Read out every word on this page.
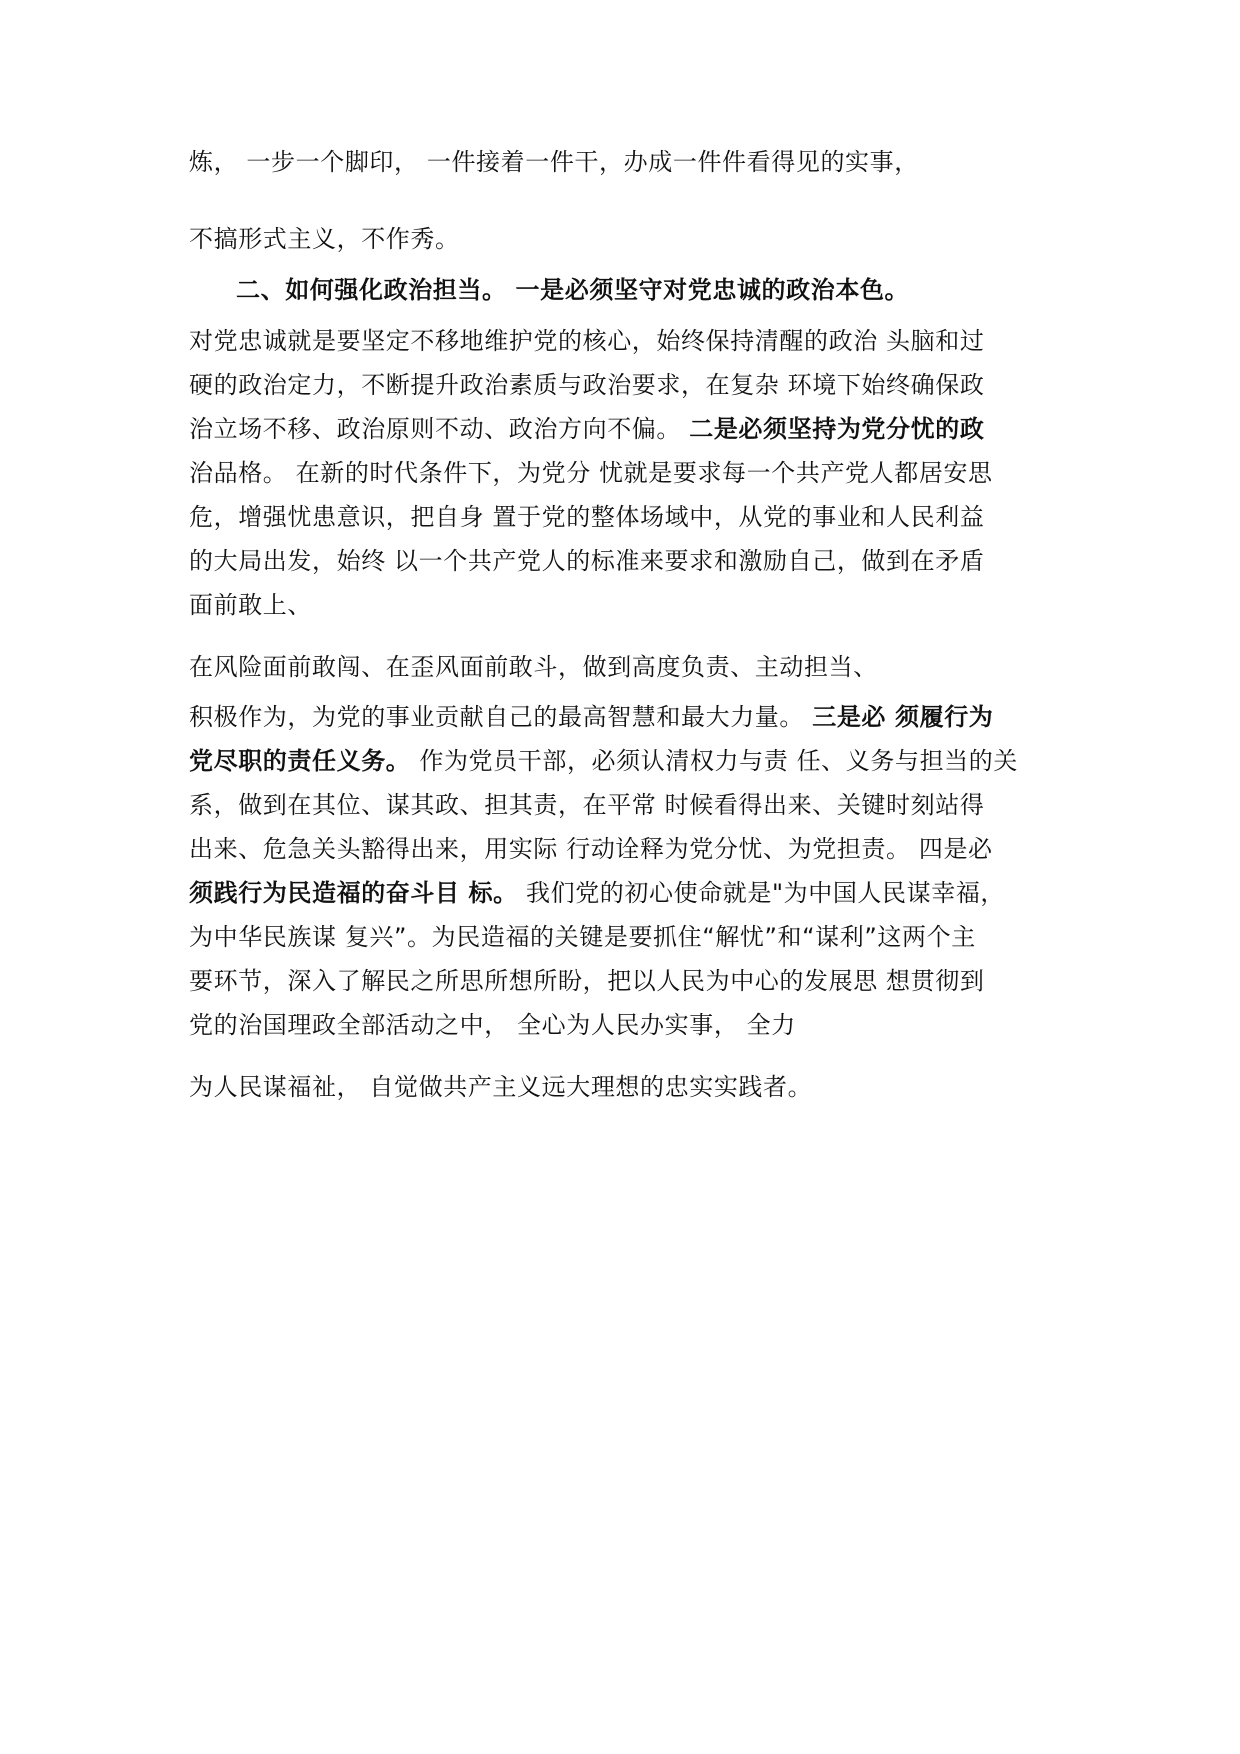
炼， 一步一个脚印， 一件接着一件干，办成一件件看得见的实事，
不搞形式主义，不作秀。
二、如何强化政治担当。 一是必须坚守对党忠诚的政治本色。
对党忠诚就是要坚定不移地维护党的核心，始终保持清醒的政治 头脑和过
硬的政治定力，不断提升政治素质与政治要求，在复杂 环境下始终确保政
治立场不移、政治原则不动、政治方向不偏。 二是必须坚持为党分忧的政
治品格。 在新的时代条件下，为党分 忧就是要求每一个共产党人都居安思
危，增强忧患意识，把自身 置于党的整体场域中，从党的事业和人民利益
的大局出发，始终 以一个共产党人的标准来要求和激励自己，做到在矛盾
面前敢上、
在风险面前敢闯、在歪风面前敢斗，做到高度负责、主动担当、
积极作为，为党的事业贡献自己的最高智慧和最大力量。 三是必 须履行为
党尽职的责任义务。 作为党员干部，必须认清权力与责 任、义务与担当的关
系，做到在其位、谋其政、担其责，在平常 时候看得出来、关键时刻站得
出来、危急关头豁得出来，用实际 行动诠释为党分忧、为党担责。 四是必
须践行为民造福的奋斗目 标。 我们党的初心使命就是"为中国人民谋幸福，
为中华民族谋 复兴”。为民造福的关键是要抓住“解忧”和“谋利”这两个主
要环节，深入了解民之所思所想所盼，把以人民为中心的发展思 想贯彻到
党的治国理政全部活动之中， 全心为人民办实事， 全力
为人民谋福祉， 自觉做共产主义远大理想的忠实实践者。
